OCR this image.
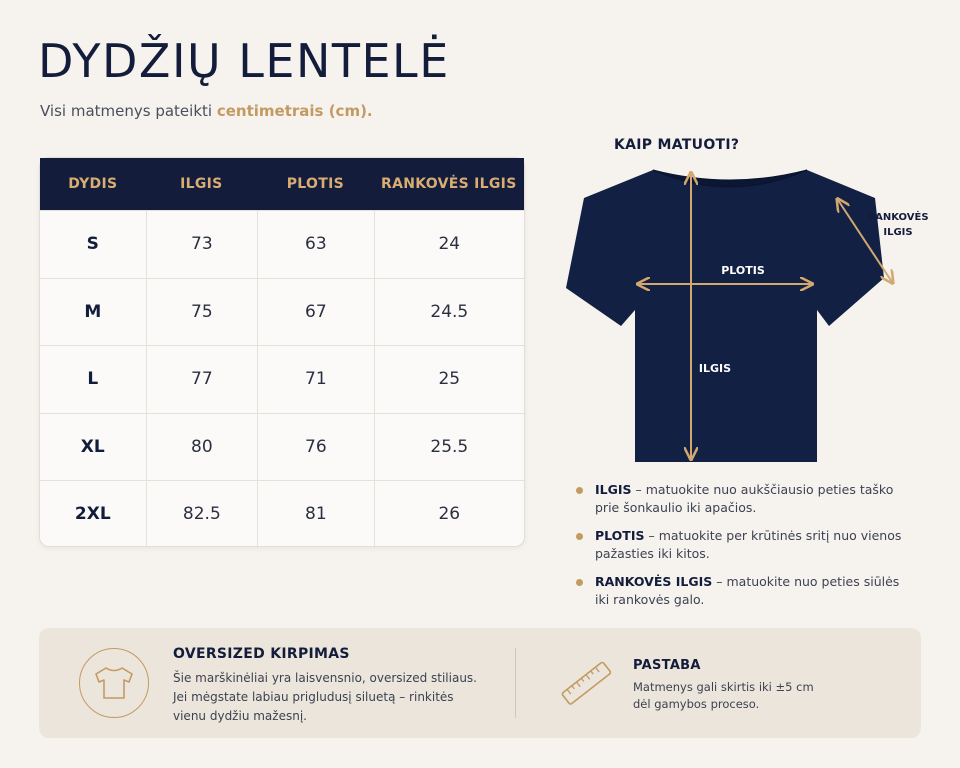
DYDŽIŲ LENTELĖ

Visi matmenys pateikti centimetrais (cm).

DYDIS	ILGIS	PLOTIS	RANKOVĖS ILGIS
S	73	63	24
M	75	67	24.5
L	77	71	25
XL	80	76	25.5
2XL	82.5	81	26
KAIP MATUOTI?
PLOTIS
ILGIS
RANKOVĖS
ILGIS
ILGIS – matuokite nuo aukščiausio peties taško prie šonkaulio iki apačios.
PLOTIS – matuokite per krūtinės sritį nuo vienos pažasties iki kitos.
RANKOVĖS ILGIS – matuokite nuo peties siūlės iki rankovės galo.
OVERSIZED KIRPIMAS
Šie marškinėliai yra laisvensnio, oversized stiliaus.
Jei mėgstate labiau prigludusį siluetą – rinkitės
vienu dydžiu mažesnį.
PASTABA
Matmenys gali skirtis iki ±5 cm
dėl gamybos proceso.
